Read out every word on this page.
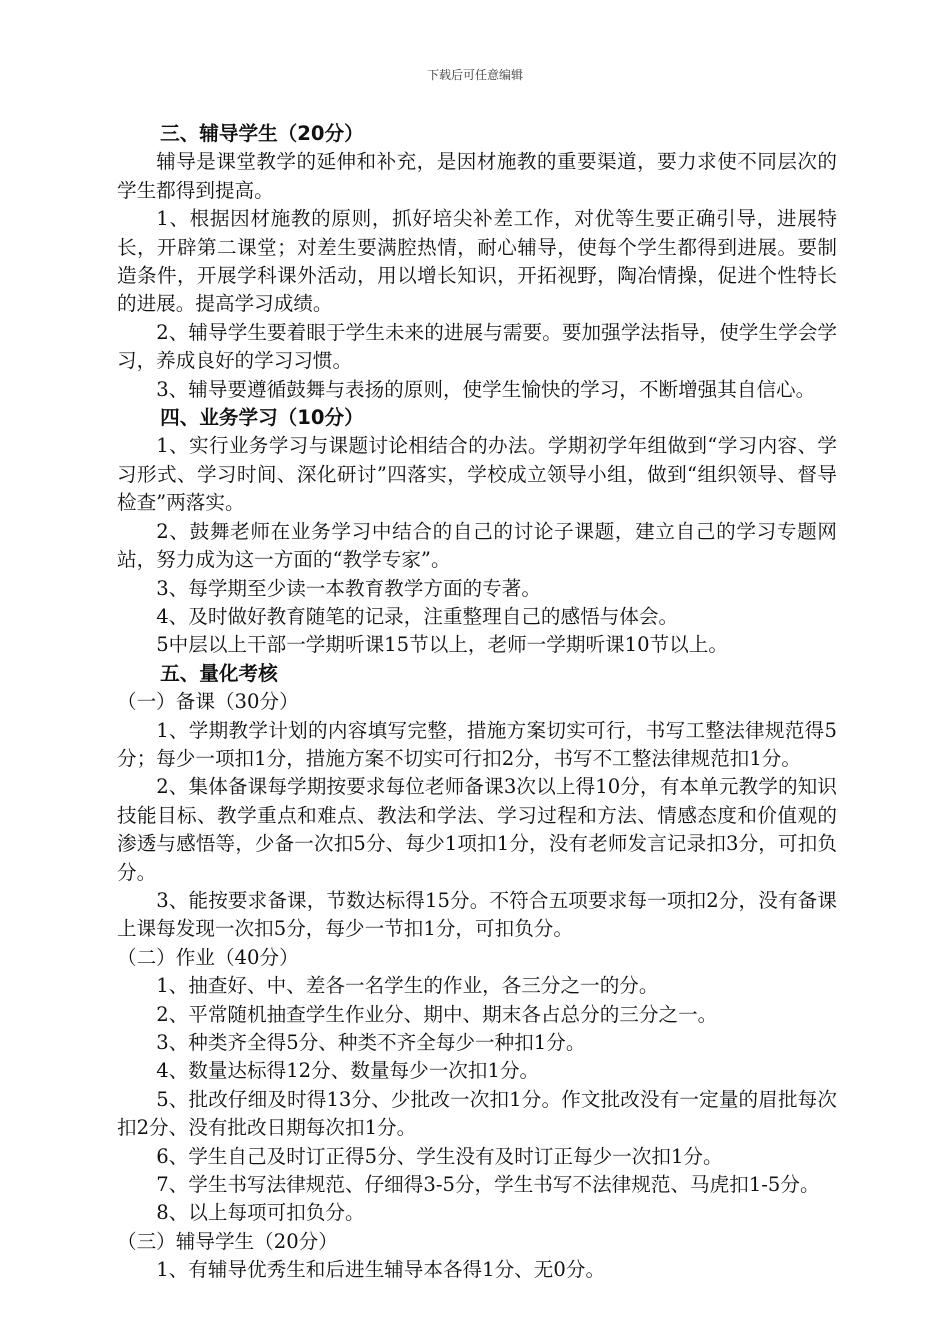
下载后可任意编辑

三、辅导学生（20分）

辅导是课堂教学的延伸和补充，是因材施教的重要渠道，要力求使不同层次的学生都得到提高。

1、根据因材施教的原则，抓好培尖补差工作，对优等生要正确引导，进展特长，开辟第二课堂；对差生要满腔热情，耐心辅导，使每个学生都得到进展。要制造条件，开展学科课外活动，用以增长知识，开拓视野，陶冶情操，促进个性特长的进展。提高学习成绩。

2、辅导学生要着眼于学生未来的进展与需要。要加强学法指导，使学生学会学习，养成良好的学习习惯。

3、辅导要遵循鼓舞与表扬的原则，使学生愉快的学习，不断增强其自信心。

四、业务学习（10分）

1、实行业务学习与课题讨论相结合的办法。学期初学年组做到“学习内容、学习形式、学习时间、深化研讨”四落实，学校成立领导小组，做到“组织领导、督导检查”两落实。

2、鼓舞老师在业务学习中结合的自己的讨论子课题，建立自己的学习专题网站，努力成为这一方面的“教学专家”。

3、每学期至少读一本教育教学方面的专著。

4、及时做好教育随笔的记录，注重整理自己的感悟与体会。

5中层以上干部一学期听课15节以上，老师一学期听课10节以上。

五、量化考核

（一）备课（30分）

1、学期教学计划的内容填写完整，措施方案切实可行，书写工整法律规范得5分；每少一项扣1分，措施方案不切实可行扣2分，书写不工整法律规范扣1分。

2、集体备课每学期按要求每位老师备课3次以上得10分，有本单元教学的知识技能目标、教学重点和难点、教法和学法、学习过程和方法、情感态度和价值观的渗透与感悟等，少备一次扣5分、每少1项扣1分，没有老师发言记录扣3分，可扣负分。

3、能按要求备课，节数达标得15分。不符合五项要求每一项扣2分，没有备课上课每发现一次扣5分，每少一节扣1分，可扣负分。

（二）作业（40分）

1、抽查好、中、差各一名学生的作业，各三分之一的分。

2、平常随机抽查学生作业分、期中、期末各占总分的三分之一。

3、种类齐全得5分、种类不齐全每少一种扣1分。

4、数量达标得12分、数量每少一次扣1分。

5、批改仔细及时得13分、少批改一次扣1分。作文批改没有一定量的眉批每次扣2分、没有批改日期每次扣1分。

6、学生自己及时订正得5分、学生没有及时订正每少一次扣1分。

7、学生书写法律规范、仔细得3-5分，学生书写不法律规范、马虎扣1-5分。

8、以上每项可扣负分。

（三）辅导学生（20分）

1、有辅导优秀生和后进生辅导本各得1分、无0分。
